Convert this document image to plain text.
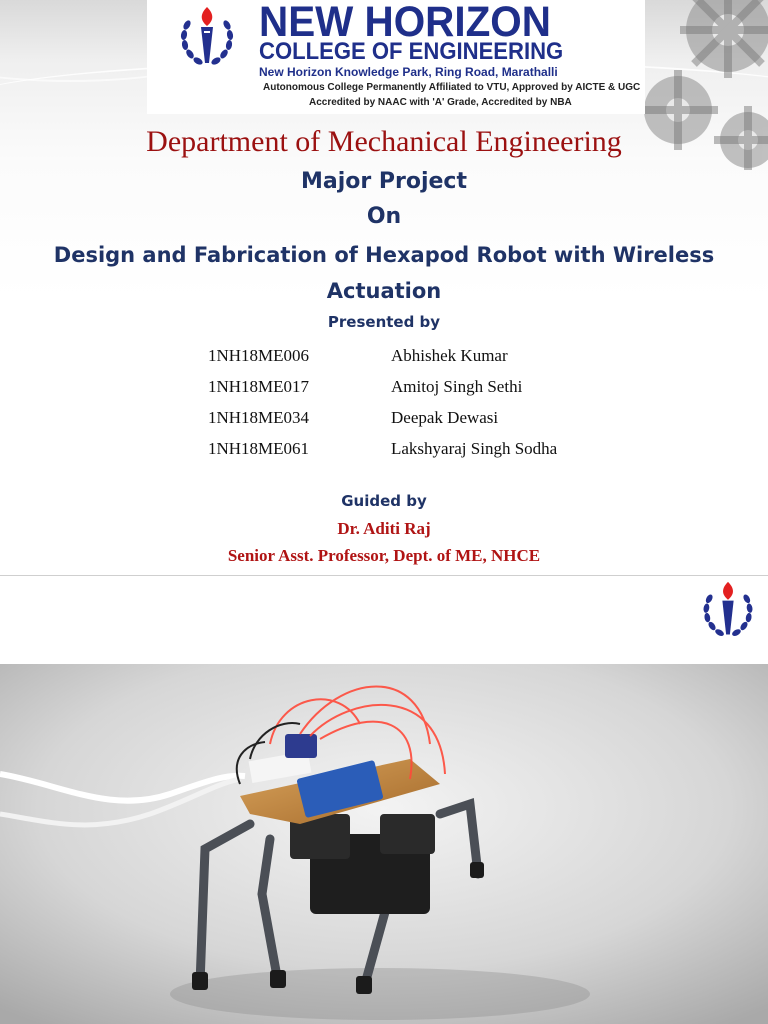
NEW HORIZON
COLLEGE OF ENGINEERING
New Horizon Knowledge Park, Ring Road, Marathalli
Autonomous College Permanently Affiliated to VTU, Approved by AICTE & UGC
Accredited by NAAC with 'A' Grade, Accredited by NBA
Department of Mechanical Engineering
Major Project
On
Design and Fabrication of Hexapod Robot with Wireless Actuation
Presented by
1NH18ME006	Abhishek Kumar
1NH18ME017	Amitoj Singh Sethi
1NH18ME034	Deepak Dewasi
1NH18ME061	Lakshyaraj Singh Sodha
Guided by
Dr. Aditi Raj
Senior Asst. Professor, Dept. of ME, NHCE
